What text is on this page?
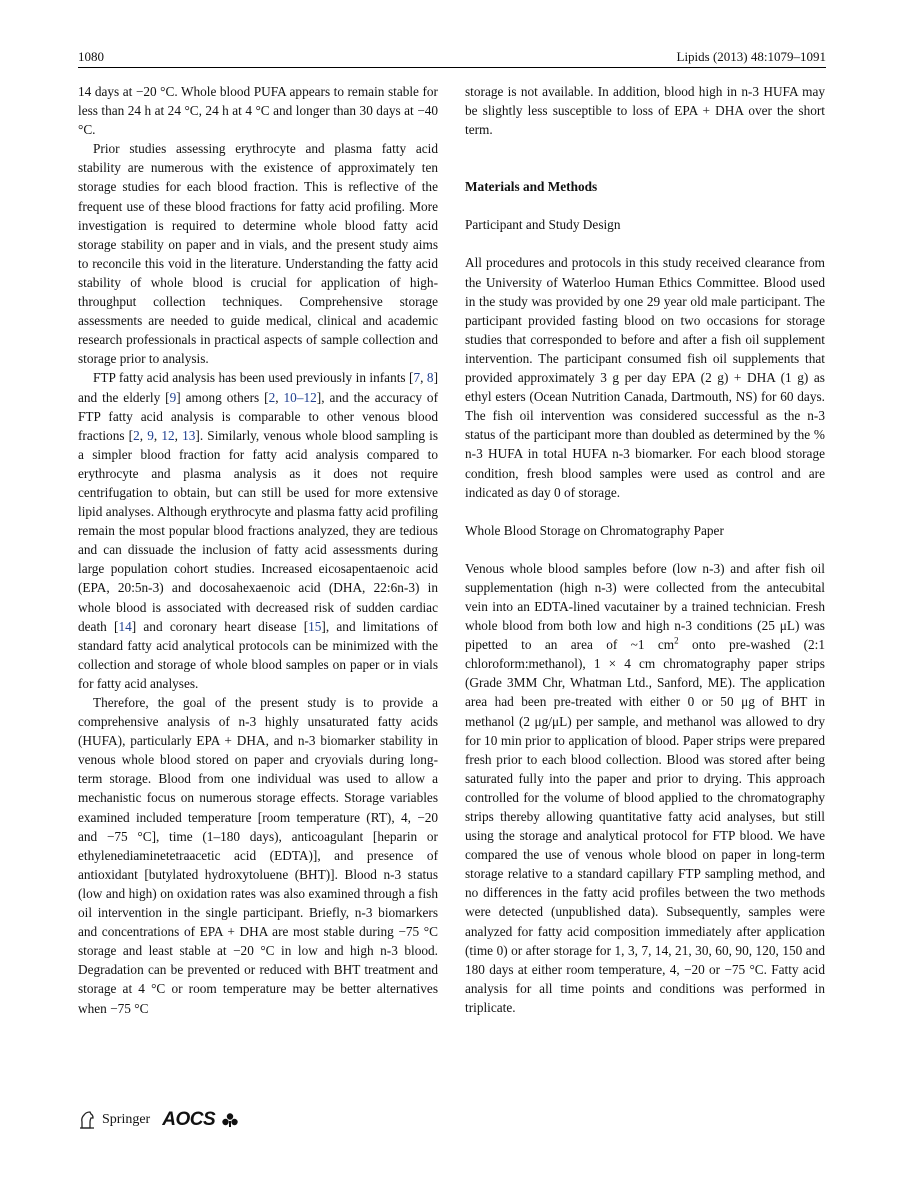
1080	Lipids (2013) 48:1079–1091

14 days at −20 °C. Whole blood PUFA appears to remain stable for less than 24 h at 24 °C, 24 h at 4 °C and longer than 30 days at −40 °C.

Prior studies assessing erythrocyte and plasma fatty acid stability are numerous with the existence of approximately ten storage studies for each blood fraction. This is reflective of the frequent use of these blood fractions for fatty acid profiling. More investigation is required to determine whole blood fatty acid storage stability on paper and in vials, and the present study aims to reconcile this void in the literature. Understanding the fatty acid stability of whole blood is crucial for application of high-throughput collection techniques. Comprehensive storage assessments are needed to guide medical, clinical and academic research professionals in practical aspects of sample collection and storage prior to analysis.

FTP fatty acid analysis has been used previously in infants [7, 8] and the elderly [9] among others [2, 10–12], and the accuracy of FTP fatty acid analysis is comparable to other venous blood fractions [2, 9, 12, 13]. Similarly, venous whole blood sampling is a simpler blood fraction for fatty acid analysis compared to erythrocyte and plasma analysis as it does not require centrifugation to obtain, but can still be used for more extensive lipid analyses. Although erythrocyte and plasma fatty acid profiling remain the most popular blood fractions analyzed, they are tedious and can dissuade the inclusion of fatty acid assessments during large population cohort studies. Increased eicosapentaenoic acid (EPA, 20:5n-3) and docosahexaenoic acid (DHA, 22:6n-3) in whole blood is associated with decreased risk of sudden cardiac death [14] and coronary heart disease [15], and limitations of standard fatty acid analytical protocols can be minimized with the collection and storage of whole blood samples on paper or in vials for fatty acid analyses.

Therefore, the goal of the present study is to provide a comprehensive analysis of n-3 highly unsaturated fatty acids (HUFA), particularly EPA + DHA, and n-3 biomarker stability in venous whole blood stored on paper and cryovials during long-term storage. Blood from one individual was used to allow a mechanistic focus on numerous storage effects. Storage variables examined included temperature [room temperature (RT), 4, −20 and −75 °C], time (1–180 days), anticoagulant [heparin or ethylenediaminetetraacetic acid (EDTA)], and presence of antioxidant [butylated hydroxytoluene (BHT)]. Blood n-3 status (low and high) on oxidation rates was also examined through a fish oil intervention in the single participant. Briefly, n-3 biomarkers and concentrations of EPA + DHA are most stable during −75 °C storage and least stable at −20 °C in low and high n-3 blood. Degradation can be prevented or reduced with BHT treatment and storage at 4 °C or room temperature may be better alternatives when −75 °C

storage is not available. In addition, blood high in n-3 HUFA may be slightly less susceptible to loss of EPA + DHA over the short term.

Materials and Methods

Participant and Study Design

All procedures and protocols in this study received clearance from the University of Waterloo Human Ethics Committee. Blood used in the study was provided by one 29 year old male participant. The participant provided fasting blood on two occasions for storage studies that corresponded to before and after a fish oil supplement intervention. The participant consumed fish oil supplements that provided approximately 3 g per day EPA (2 g) + DHA (1 g) as ethyl esters (Ocean Nutrition Canada, Dartmouth, NS) for 60 days. The fish oil intervention was considered successful as the n-3 status of the participant more than doubled as determined by the % n-3 HUFA in total HUFA n-3 biomarker. For each blood storage condition, fresh blood samples were used as control and are indicated as day 0 of storage.

Whole Blood Storage on Chromatography Paper

Venous whole blood samples before (low n-3) and after fish oil supplementation (high n-3) were collected from the antecubital vein into an EDTA-lined vacutainer by a trained technician. Fresh whole blood from both low and high n-3 conditions (25 μL) was pipetted to an area of ~1 $cm^2$ onto pre-washed (2:1 chloroform:methanol), 1 × 4 cm chromatography paper strips (Grade 3MM Chr, Whatman Ltd., Sanford, ME). The application area had been pre-treated with either 0 or 50 μg of BHT in methanol (2 μg/μL) per sample, and methanol was allowed to dry for 10 min prior to application of blood. Paper strips were prepared fresh prior to each blood collection. Blood was stored after being saturated fully into the paper and prior to drying. This approach controlled for the volume of blood applied to the chromatography strips thereby allowing quantitative fatty acid analyses, but still using the storage and analytical protocol for FTP blood. We have compared the use of venous whole blood on paper in long-term storage relative to a standard capillary FTP sampling method, and no differences in the fatty acid profiles between the two methods were detected (unpublished data). Subsequently, samples were analyzed for fatty acid composition immediately after application (time 0) or after storage for 1, 3, 7, 14, 21, 30, 60, 90, 120, 150 and 180 days at either room temperature, 4, −20 or −75 °C. Fatty acid analysis for all time points and conditions was performed in triplicate.

Springer AOCS
